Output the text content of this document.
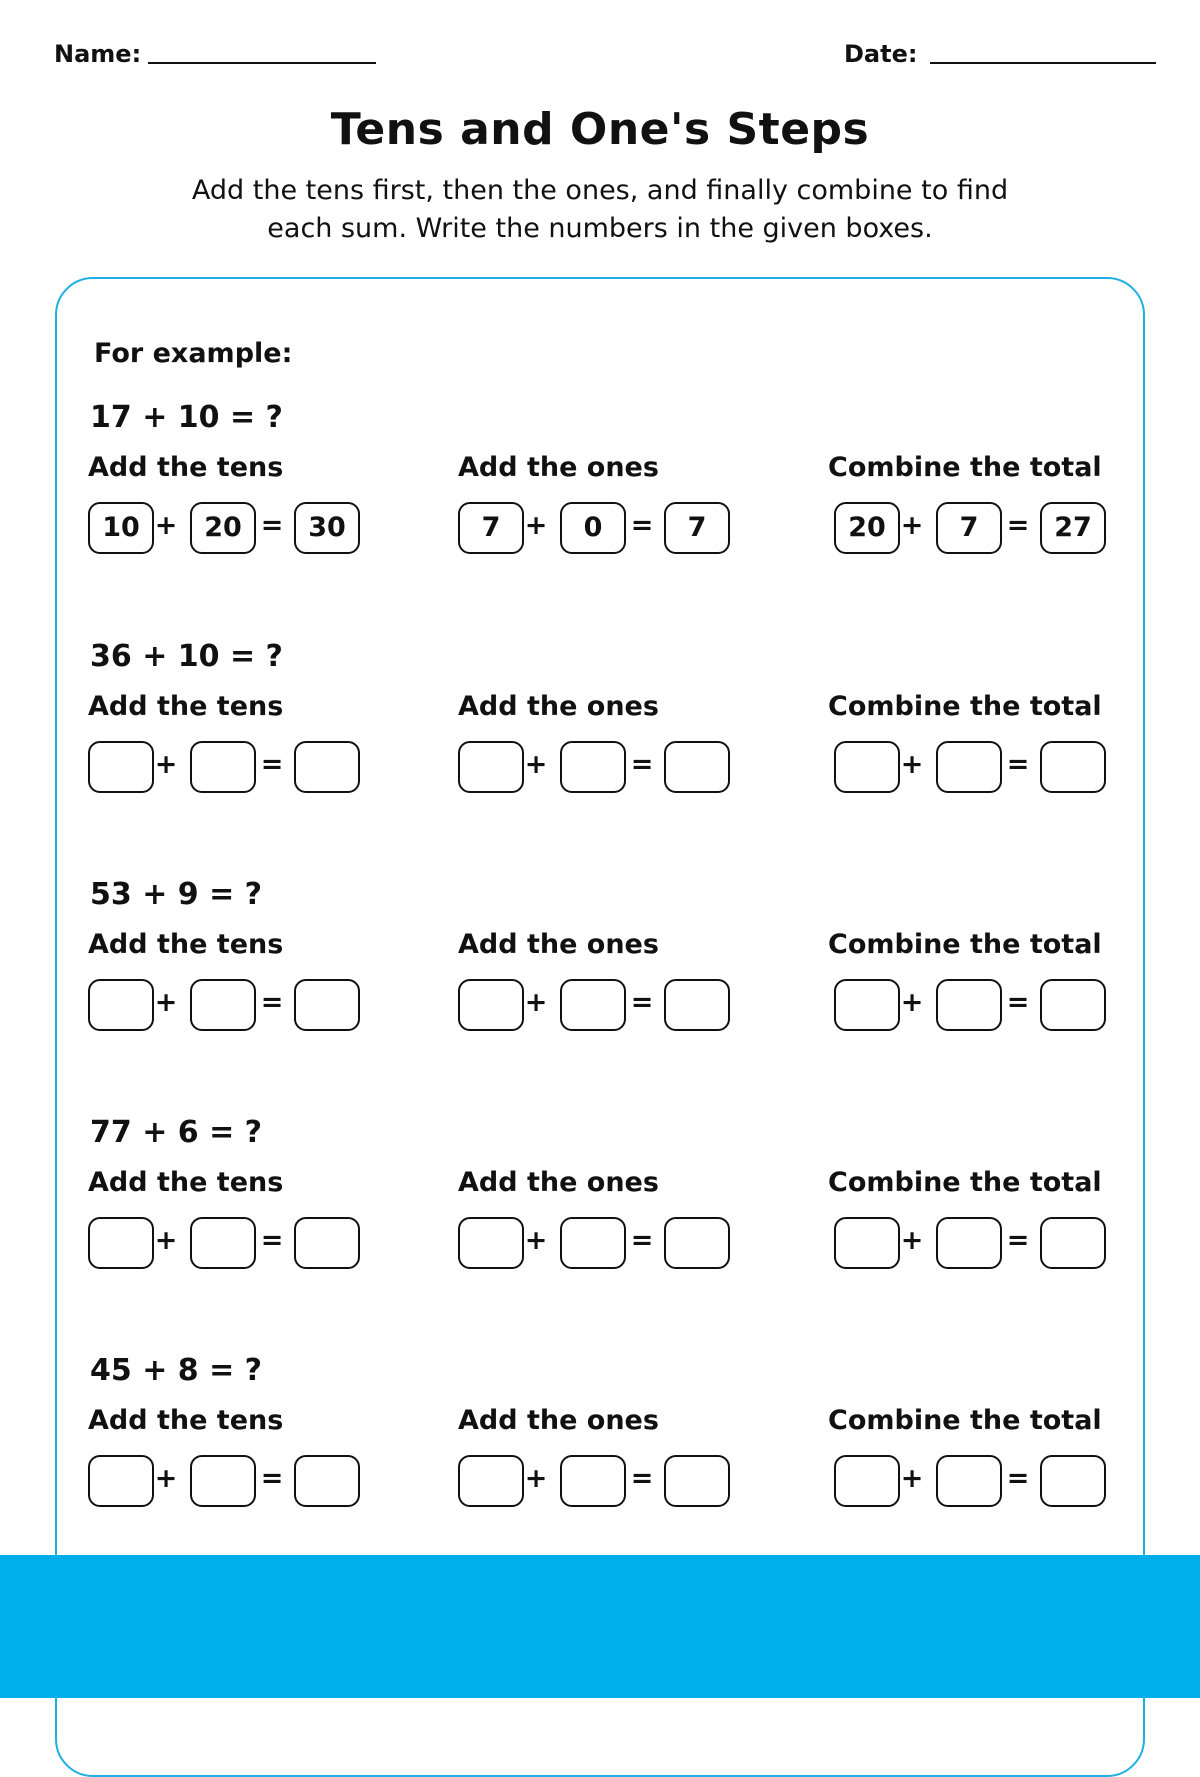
Name:	Date:
Tens and One's Steps
Add the tens first, then the ones, and finally combine to find
each sum. Write the numbers in the given boxes.
For example:
17 + 10 = ?
Add the tens
10 + 20 = 30
Add the ones
7 +	0	=	7
Combine the total
20 +	7	= 27
36 + 10 = ?
Add the tens
+	=
Add the ones
+	=
Combine the total
+	=
53 + 9 = ?
Add the tens
+	=
Add the ones
+	=
Combine the total
+	=
77 + 6 = ?
Add the tens
+	=
Add the ones
+	=
Combine the total
+	=
45 + 8 = ?
Add the tens
+	=
Add the ones
+	=
Combine the total
+	=
